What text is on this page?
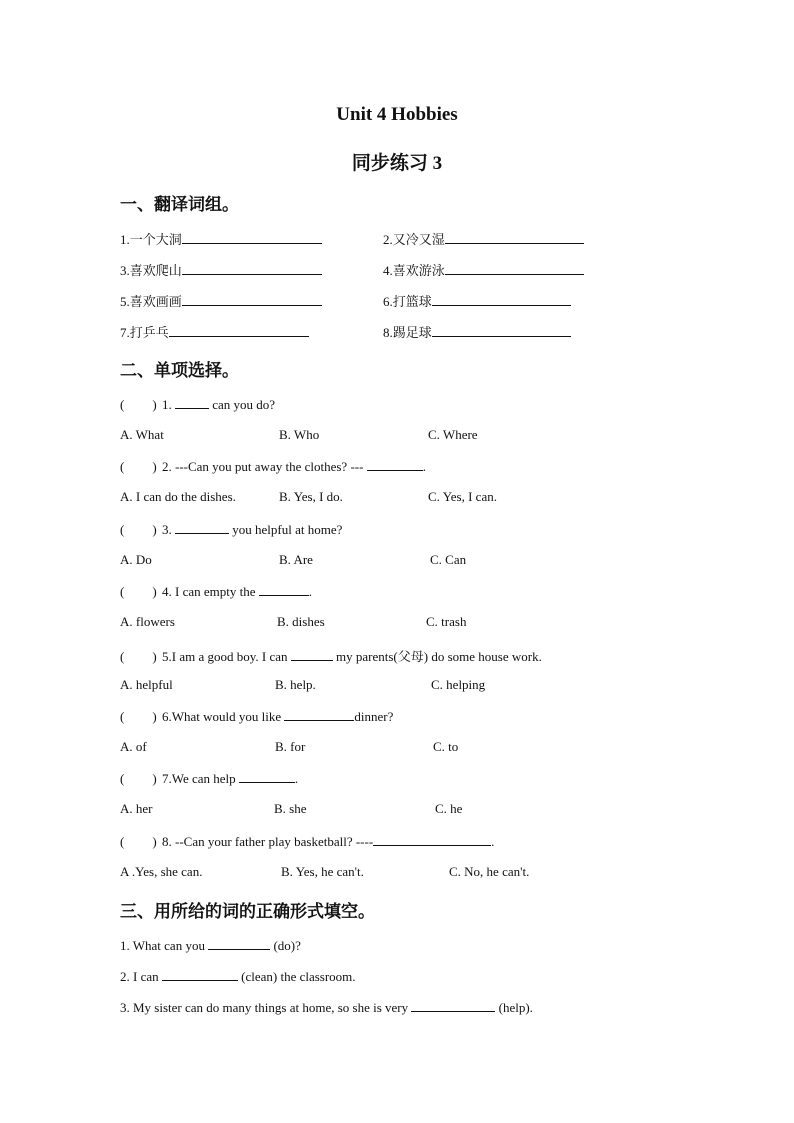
Unit 4 Hobbies
同步练习 3
一、翻译词组。
1.一个大洞	2.又冷又湿
3.喜欢爬山	4.喜欢游泳
5.喜欢画画	6.打篮球
7.打乒乓	8.踢足球
二、单项选择。
( ) 1.	can you do?
A. What	B. Who	C. Where
( ) 2. ---Can you put away the clothes? ---	.
A. I can do the dishes.	B. Yes, I do.	C. Yes, I can.
( ) 3.	you helpful at home?
A. Do	B. Are	C. Can
( ) 4. I can empty the	.
A. flowers	B. dishes	C. trash
( ) 5.I am a good boy. I can	my parents(父母) do some house work.
A. helpful	B. help.	C. helping
( ) 6.What would you like	dinner?
A. of	B. for	C. to
( ) 7.We can help	.
A. her	B. she	C. he
( ) 8. --Can your father play basketball? ----	.
A .Yes, she can.	B. Yes, he can't.	C. No, he can't.
三、用所给的词的正确形式填空。
1. What can you	(do)?
2. I can	(clean) the classroom.
3. My sister can do many things at home, so she is very	(help).
